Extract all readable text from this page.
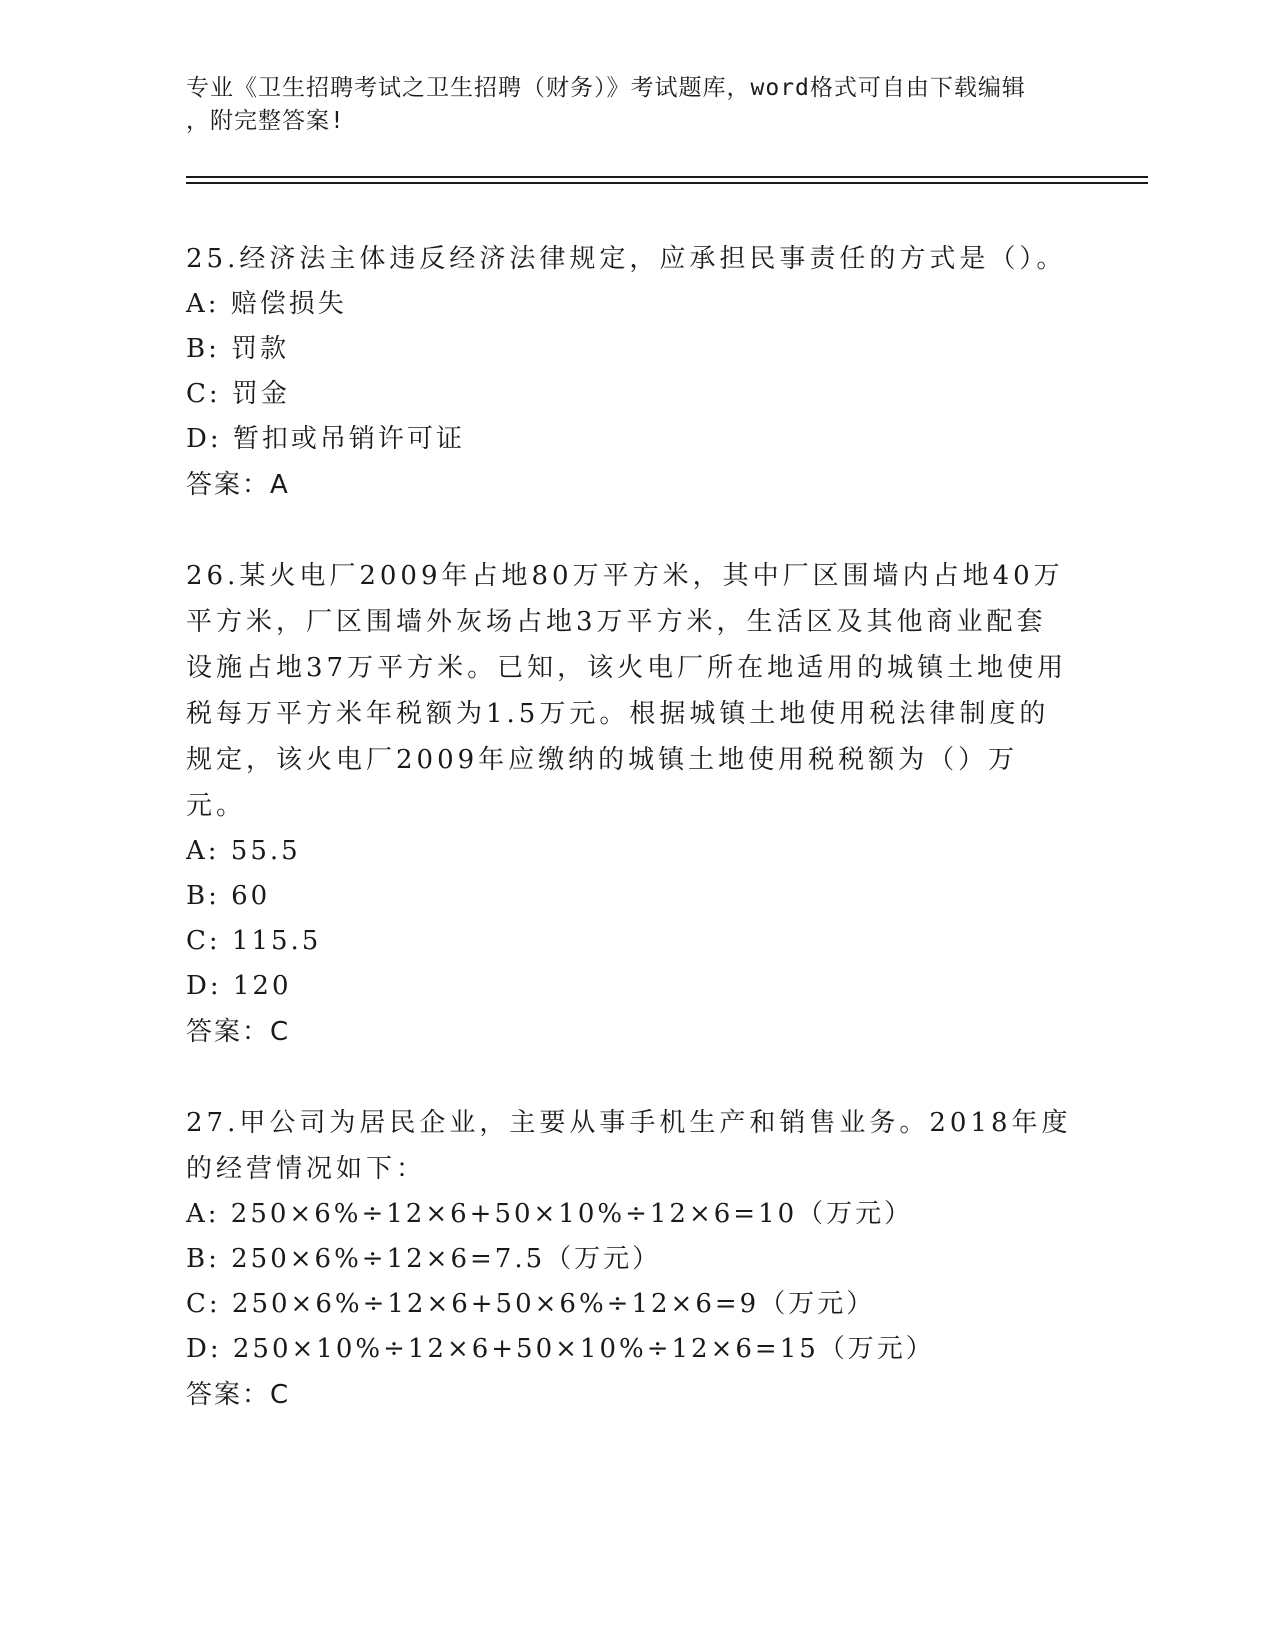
专业《卫生招聘考试之卫生招聘（财务）》考试题库，word格式可自由下载编辑
，附完整答案!

25.经济法主体违反经济法律规定，应承担民事责任的方式是（）。

A: 赔偿损失

B: 罚款

C: 罚金

D: 暂扣或吊销许可证

答案：A

26.某火电厂2009年占地80万平方米，其中厂区围墙内占地40万平方米，厂区围墙外灰场占地3万平方米，生活区及其他商业配套设施占地37万平方米。已知，该火电厂所在地适用的城镇土地使用税每万平方米年税额为1.5万元。根据城镇土地使用税法律制度的规定，该火电厂2009年应缴纳的城镇土地使用税税额为（）万元。

A: 55.5

B: 60

C: 115.5

D: 120

答案：C

27.甲公司为居民企业，主要从事手机生产和销售业务。2018年度的经营情况如下：

A: 250×6%÷12×6+50×10%÷12×6=10（万元）

B: 250×6%÷12×6=7.5（万元）

C: 250×6%÷12×6+50×6%÷12×6=9（万元）

D: 250×10%÷12×6+50×10%÷12×6=15（万元）

答案：C
